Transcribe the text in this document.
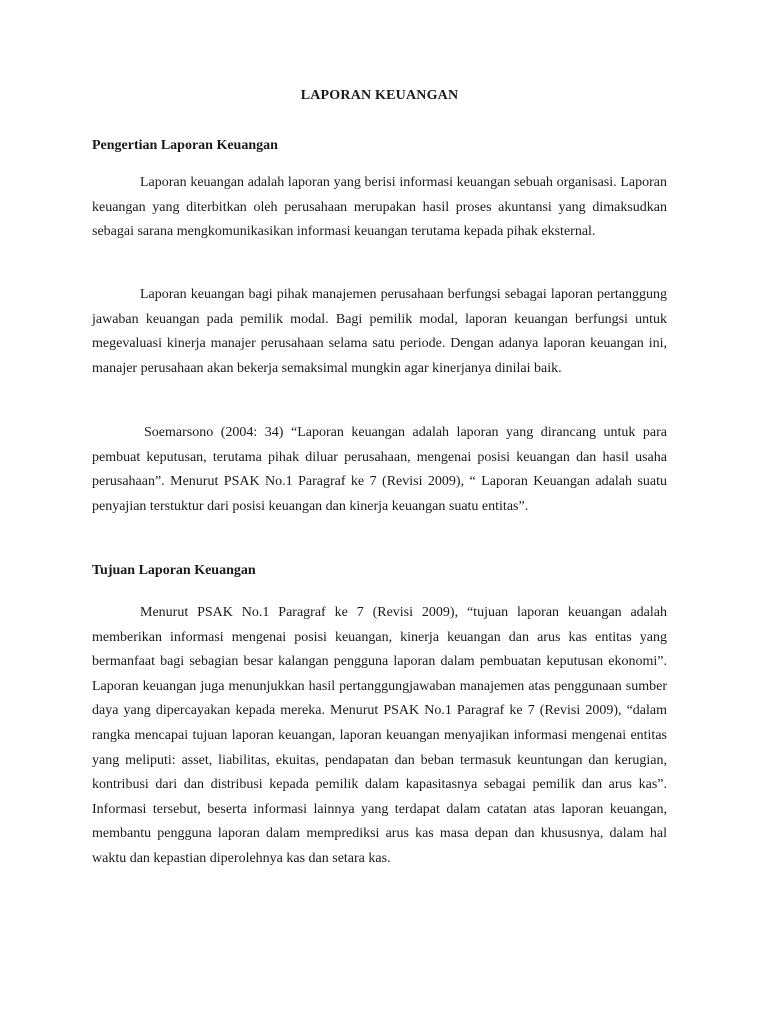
LAPORAN KEUANGAN
Pengertian Laporan Keuangan

Laporan keuangan adalah laporan yang berisi informasi keuangan sebuah organisasi. Laporan keuangan yang diterbitkan oleh perusahaan merupakan hasil proses akuntansi yang dimaksudkan sebagai sarana mengkomunikasikan informasi keuangan terutama kepada pihak eksternal.

Laporan keuangan bagi pihak manajemen perusahaan berfungsi sebagai laporan pertanggung jawaban keuangan pada pemilik modal. Bagi pemilik modal, laporan keuangan berfungsi untuk megevaluasi kinerja manajer perusahaan selama satu periode. Dengan adanya laporan keuangan ini, manajer perusahaan akan bekerja semaksimal mungkin agar kinerjanya dinilai baik.

Soemarsono (2004: 34) “Laporan keuangan adalah laporan yang dirancang untuk para pembuat keputusan, terutama pihak diluar perusahaan, mengenai posisi keuangan dan hasil usaha perusahaan”. Menurut PSAK No.1 Paragraf ke 7 (Revisi 2009), “ Laporan Keuangan adalah suatu penyajian terstuktur dari posisi keuangan dan kinerja keuangan suatu entitas”.

Tujuan Laporan Keuangan

Menurut PSAK No.1 Paragraf ke 7 (Revisi 2009), “tujuan laporan keuangan adalah memberikan informasi mengenai posisi keuangan, kinerja keuangan dan arus kas entitas yang bermanfaat bagi sebagian besar kalangan pengguna laporan dalam pembuatan keputusan ekonomi”. Laporan keuangan juga menunjukkan hasil pertanggungjawaban manajemen atas penggunaan sumber daya yang dipercayakan kepada mereka. Menurut PSAK No.1 Paragraf ke 7 (Revisi 2009), “dalam rangka mencapai tujuan laporan keuangan, laporan keuangan menyajikan informasi mengenai entitas yang meliputi: asset, liabilitas, ekuitas, pendapatan dan beban termasuk keuntungan dan kerugian, kontribusi dari dan distribusi kepada pemilik dalam kapasitasnya sebagai pemilik dan arus kas”. Informasi tersebut, beserta informasi lainnya yang terdapat dalam catatan atas laporan keuangan, membantu pengguna laporan dalam memprediksi arus kas masa depan dan khususnya, dalam hal waktu dan kepastian diperolehnya kas dan setara kas.
